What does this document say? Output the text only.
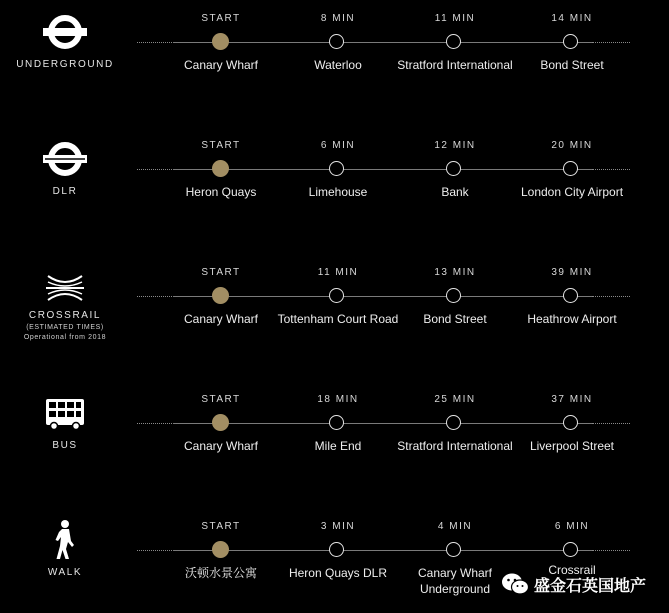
UNDERGROUND
START
Canary Wharf
8 MIN
Waterloo
11 MIN
Stratford International
14 MIN
Bond Street
DLR
START
Heron Quays
6 MIN
Limehouse
12 MIN
Bank
20 MIN
London City Airport
CROSSRAIL
(ESTIMATED TIMES)
Operational from 2018
START
Canary Wharf
11 MIN
Tottenham Court Road
13 MIN
Bond Street
39 MIN
Heathrow Airport
BUS
START
Canary Wharf
18 MIN
Mile End
25 MIN
Stratford International
37 MIN
Liverpool Street
WALK
START
沃顿水景公寓
3 MIN
Heron Quays DLR
4 MIN
Canary Wharf Underground
6 MIN
Crossrail
盛金石英国地产
